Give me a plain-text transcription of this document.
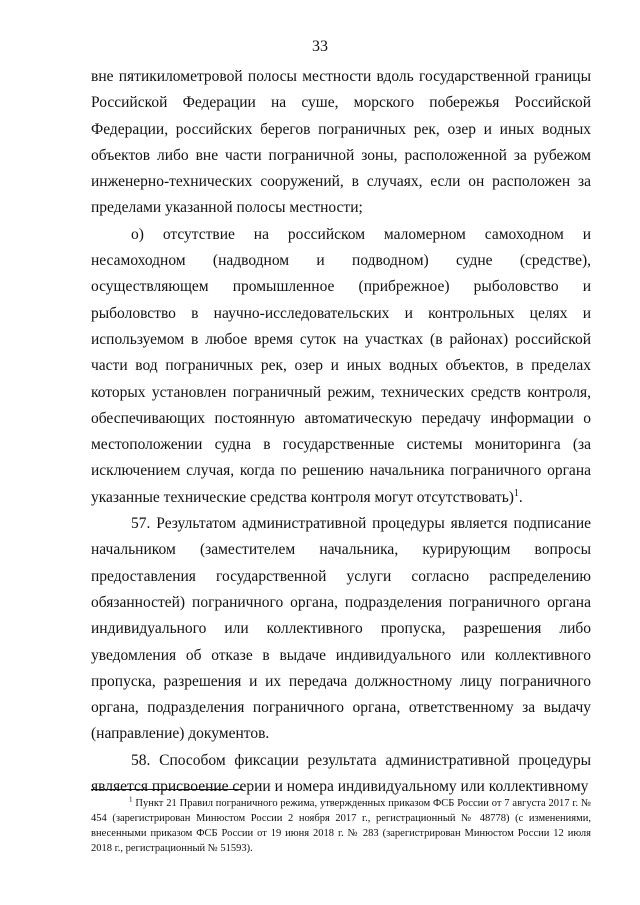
33

вне пятикилометровой полосы местности вдоль государственной границы Российской Федерации на суше, морского побережья Российской Федерации, российских берегов пограничных рек, озер и иных водных объектов либо вне части пограничной зоны, расположенной за рубежом инженерно-технических сооружений, в случаях, если он расположен за пределами указанной полосы местности;

о) отсутствие на российском маломерном самоходном и несамоходном (надводном и подводном) судне (средстве), осуществляющем промышленное (прибрежное) рыболовство и рыболовство в научно-исследовательских и контрольных целях и используемом в любое время суток на участках (в районах) российской части вод пограничных рек, озер и иных водных объектов, в пределах которых установлен пограничный режим, технических средств контроля, обеспечивающих постоянную автоматическую передачу информации о местоположении судна в государственные системы мониторинга (за исключением случая, когда по решению начальника пограничного органа указанные технические средства контроля могут отсутствовать)$^1$.

57. Результатом административной процедуры является подписание начальником (заместителем начальника, курирующим вопросы предоставления государственной услуги согласно распределению обязанностей) пограничного органа, подразделения пограничного органа индивидуального или коллективного пропуска, разрешения либо уведомления об отказе в выдаче индивидуального или коллективного пропуска, разрешения и их передача должностному лицу пограничного органа, подразделения пограничного органа, ответственному за выдачу (направление) документов.

58. Способом фиксации результата административной процедуры является присвоение серии и номера индивидуальному или коллективному

$^1$ Пункт 21 Правил пограничного режима, утвержденных приказом ФСБ России от 7 августа 2017 г. № 454 (зарегистрирован Минюстом России 2 ноября 2017 г., регистрационный № 48778) (с изменениями, внесенными приказом ФСБ России от 19 июня 2018 г. № 283 (зарегистрирован Минюстом России 12 июля 2018 г., регистрационный № 51593).
